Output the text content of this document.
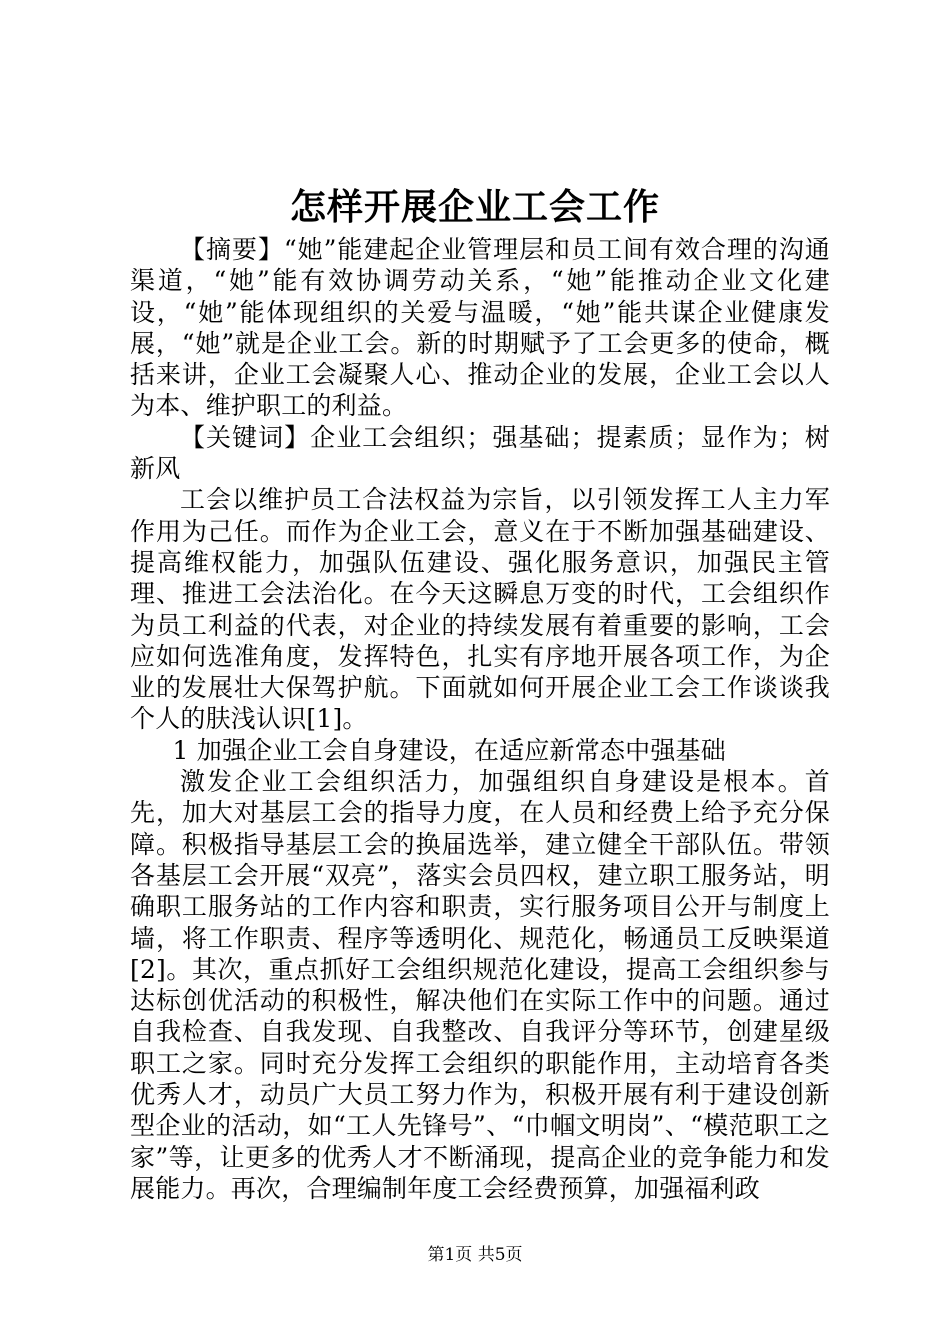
怎样开展企业工会工作

【摘要】“她”能建起企业管理层和员工间有效合理的沟通渠道，“她”能有效协调劳动关系，“她”能推动企业文化建设，“她”能体现组织的关爱与温暖，“她”能共谋企业健康发展，“她”就是企业工会。新的时期赋予了工会更多的使命，概括来讲，企业工会凝聚人心、推动企业的发展，企业工会以人为本、维护职工的利益。

【关键词】企业工会组织；强基础；提素质；显作为；树新风

工会以维护员工合法权益为宗旨，以引领发挥工人主力军作用为己任。而作为企业工会，意义在于不断加强基础建设、提高维权能力，加强队伍建设、强化服务意识，加强民主管理、推进工会法治化。在今天这瞬息万变的时代，工会组织作为员工利益的代表，对企业的持续发展有着重要的影响，工会应如何选准角度，发挥特色，扎实有序地开展各项工作，为企业的发展壮大保驾护航。下面就如何开展企业工会工作谈谈我个人的肤浅认识[1]。

1 加强企业工会自身建设，在适应新常态中强基础

激发企业工会组织活力，加强组织自身建设是根本。首先，加大对基层工会的指导力度，在人员和经费上给予充分保障。积极指导基层工会的换届选举，建立健全干部队伍。带领各基层工会开展“双亮”，落实会员四权，建立职工服务站，明确职工服务站的工作内容和职责，实行服务项目公开与制度上墙，将工作职责、程序等透明化、规范化，畅通员工反映渠道[2]。其次，重点抓好工会组织规范化建设，提高工会组织参与达标创优活动的积极性，解决他们在实际工作中的问题。通过自我检查、自我发现、自我整改、自我评分等环节，创建星级职工之家。同时充分发挥工会组织的职能作用，主动培育各类优秀人才，动员广大员工努力作为，积极开展有利于建设创新型企业的活动，如“工人先锋号”、“巾帼文明岗”、“模范职工之家”等，让更多的优秀人才不断涌现，提高企业的竞争能力和发展能力。再次，合理编制年度工会经费预算，加强福利政

第1页 共5页
